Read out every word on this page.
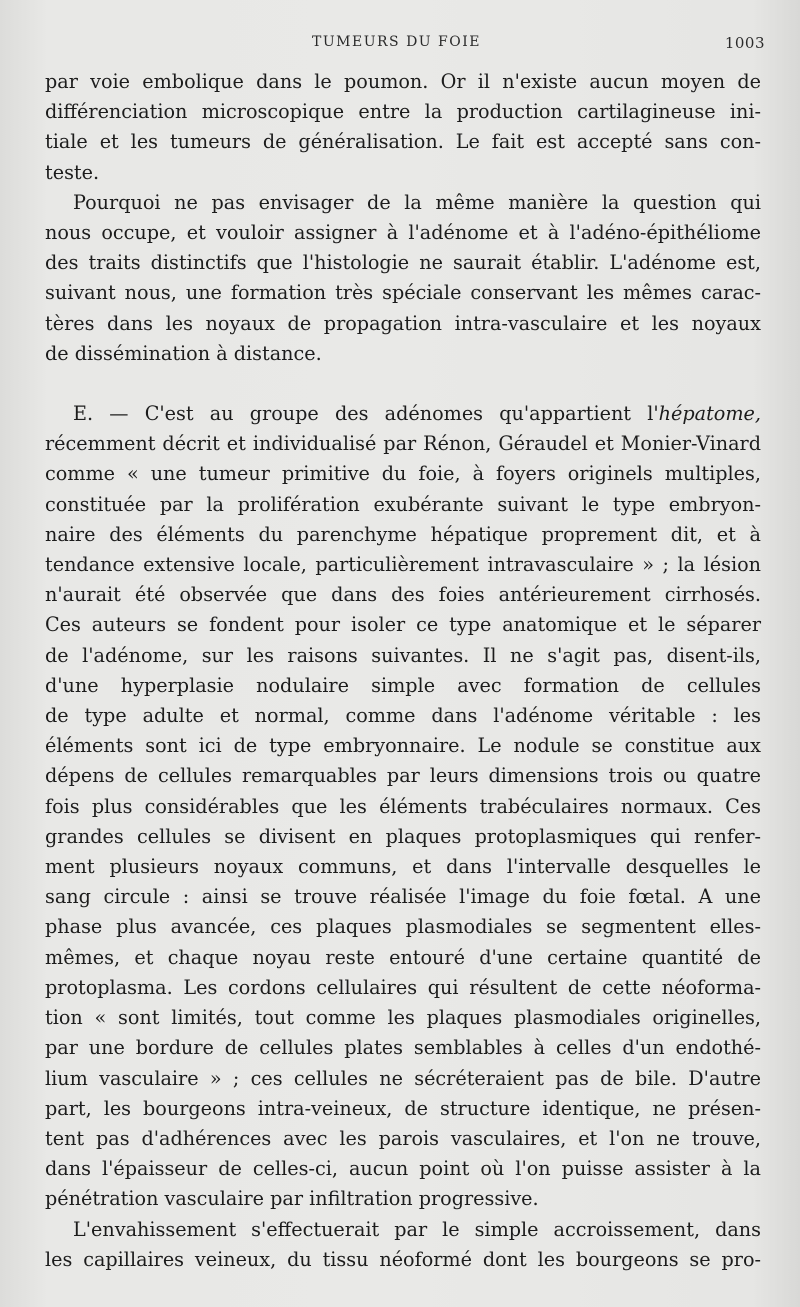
TUMEURS DU FOIE	1003

par voie embolique dans le poumon. Or il n'existe aucun moyen de
différenciation microscopique entre la production cartilagineuse ini-
tiale et les tumeurs de généralisation. Le fait est accepté sans con-
teste.

Pourquoi ne pas envisager de la même manière la question qui
nous occupe, et vouloir assigner à l'adénome et à l'adéno-épithéliome
des traits distinctifs que l'histologie ne saurait établir. L'adénome est,
suivant nous, une formation très spéciale conservant les mêmes carac-
tères dans les noyaux de propagation intra-vasculaire et les noyaux
de dissémination à distance.

E. — C'est au groupe des adénomes qu'appartient l'hépatome,
récemment décrit et individualisé par Rénon, Géraudel et Monier-Vinard
comme « une tumeur primitive du foie, à foyers originels multiples,
constituée par la prolifération exubérante suivant le type embryon-
naire des éléments du parenchyme hépatique proprement dit, et à
tendance extensive locale, particulièrement intravasculaire » ; la lésion
n'aurait été observée que dans des foies antérieurement cirrhosés.
Ces auteurs se fondent pour isoler ce type anatomique et le séparer
de l'adénome, sur les raisons suivantes. Il ne s'agit pas, disent-ils,
d'une hyperplasie nodulaire simple avec formation de cellules
de type adulte et normal, comme dans l'adénome véritable : les
éléments sont ici de type embryonnaire. Le nodule se constitue aux
dépens de cellules remarquables par leurs dimensions trois ou quatre
fois plus considérables que les éléments trabéculaires normaux. Ces
grandes cellules se divisent en plaques protoplasmiques qui renfer-
ment plusieurs noyaux communs, et dans l'intervalle desquelles le
sang circule : ainsi se trouve réalisée l'image du foie fœtal. A une
phase plus avancée, ces plaques plasmodiales se segmentent elles-
mêmes, et chaque noyau reste entouré d'une certaine quantité de
protoplasma. Les cordons cellulaires qui résultent de cette néoforma-
tion « sont limités, tout comme les plaques plasmodiales originelles,
par une bordure de cellules plates semblables à celles d'un endothé-
lium vasculaire » ; ces cellules ne sécréteraient pas de bile. D'autre
part, les bourgeons intra-veineux, de structure identique, ne présen-
tent pas d'adhérences avec les parois vasculaires, et l'on ne trouve,
dans l'épaisseur de celles-ci, aucun point où l'on puisse assister à la
pénétration vasculaire par infiltration progressive.

L'envahissement s'effectuerait par le simple accroissement, dans
les capillaires veineux, du tissu néoformé dont les bourgeons se pro-
